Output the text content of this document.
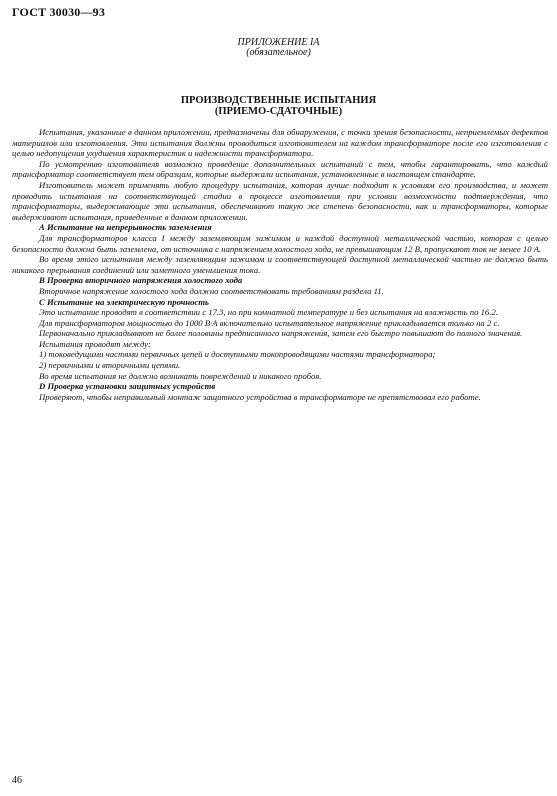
ГОСТ 30030—93
ПРИЛОЖЕНИЕ IA
(обязательное)
ПРОИЗВОДСТВЕННЫЕ ИСПЫТАНИЯ
(ПРИЕМО-СДАТОЧНЫЕ)

Испытания, указанные в данном приложении, предназначены для обнаружения, с точки зрения безопасности, неприемлемых дефектов материалов или изготовления. Эти испытания должны проводиться изготовителем на каждом трансформаторе после его изготовления с целью недопущения ухудшения характеристик и надежности трансформатора.

По усмотрению изготовителя возможно проведение дополнительных испытаний с тем, чтобы гарантировать, что каждый трансформатор соответствует тем образцам, которые выдержали испытания, установленные в настоящем стандарте.

Изготовитель может применять любую процедуру испытания, которая лучше подходит к условиям его производства, и может проводить испытания на соответствующей стадии в процессе изготовления при условии возможности подтверждения, что трансформаторы, выдерживающие эти испытания, обеспечивают такую же степень безопасности, как и трансформаторы, которые выдерживают испытания, приведенные в данном приложении.

А Испытание на непрерывность заземления

Для трансформаторов класса I между заземляющим зажимом и каждой доступной металлической частью, которая с целью безопасности должна быть заземлена, от источника с напряжением холостого хода, не превышающим 12 В, пропускают ток не менее 10 А.

Во время этого испытания между заземляющим зажимом и соответствующей доступной металлической частью не должно быть никакого прерывания соединений или заметного уменьшения тока.

В Проверка вторичного напряжения холостого хода

Вторичное напряжение холостого хода должно соответствовать требованиям раздела 11.

С Испытание на электрическую прочность

Это испытание проводят в соответствии с 17.3, но при комнатной температуре и без испытания на влажность по 16.2.

Для трансформаторов мощностью до 1000 В·А включительно испытательное напряжение прикладывается только на 2 с.

Первоначально прикладывают не более половины предписанного напряжения, затем его быстро повышают до полного значения.

Испытания проводят между:

1) токоведущими частями первичных цепей и доступными токопроводящими частями трансформатора;

2) первичными и вторичными цепями.

Во время испытания не должно возникать повреждений и никакого пробоя.

D Проверка установки защитных устройств

Проверяют, чтобы неправильный монтаж защитного устройства в трансформаторе не препятствовал его работе.

46
